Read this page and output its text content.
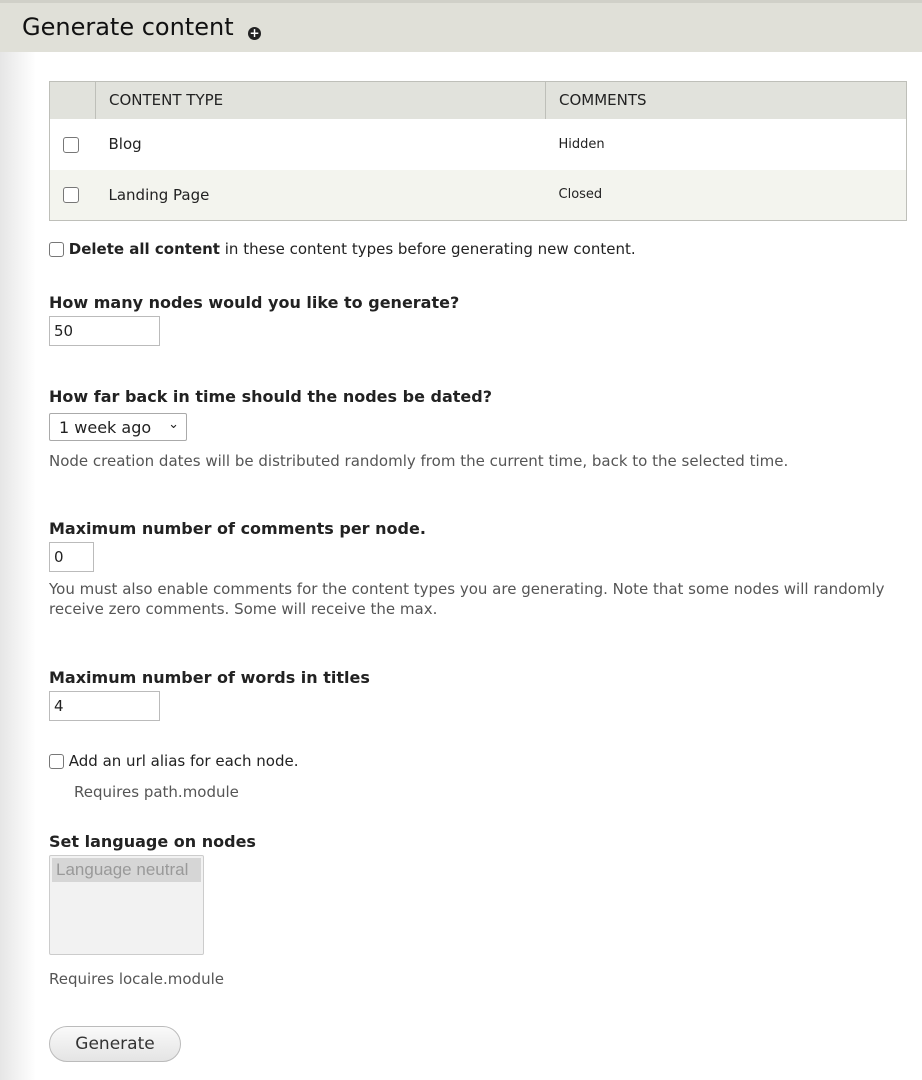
Generate content +
	CONTENT TYPE	COMMENTS
	Blog	Hidden
	Landing Page	Closed
Delete all content in these content types before generating new content.
How many nodes would you like to generate?
50
How far back in time should the nodes be dated?
1 week ago ⌄
Node creation dates will be distributed randomly from the current time, back to the selected time.
Maximum number of comments per node.
0
You must also enable comments for the content types you are generating. Note that some nodes will randomly receive zero comments. Some will receive the max.
Maximum number of words in titles
4
Add an url alias for each node.
Requires path.module
Set language on nodes
Language neutral
Requires locale.module
Generate
